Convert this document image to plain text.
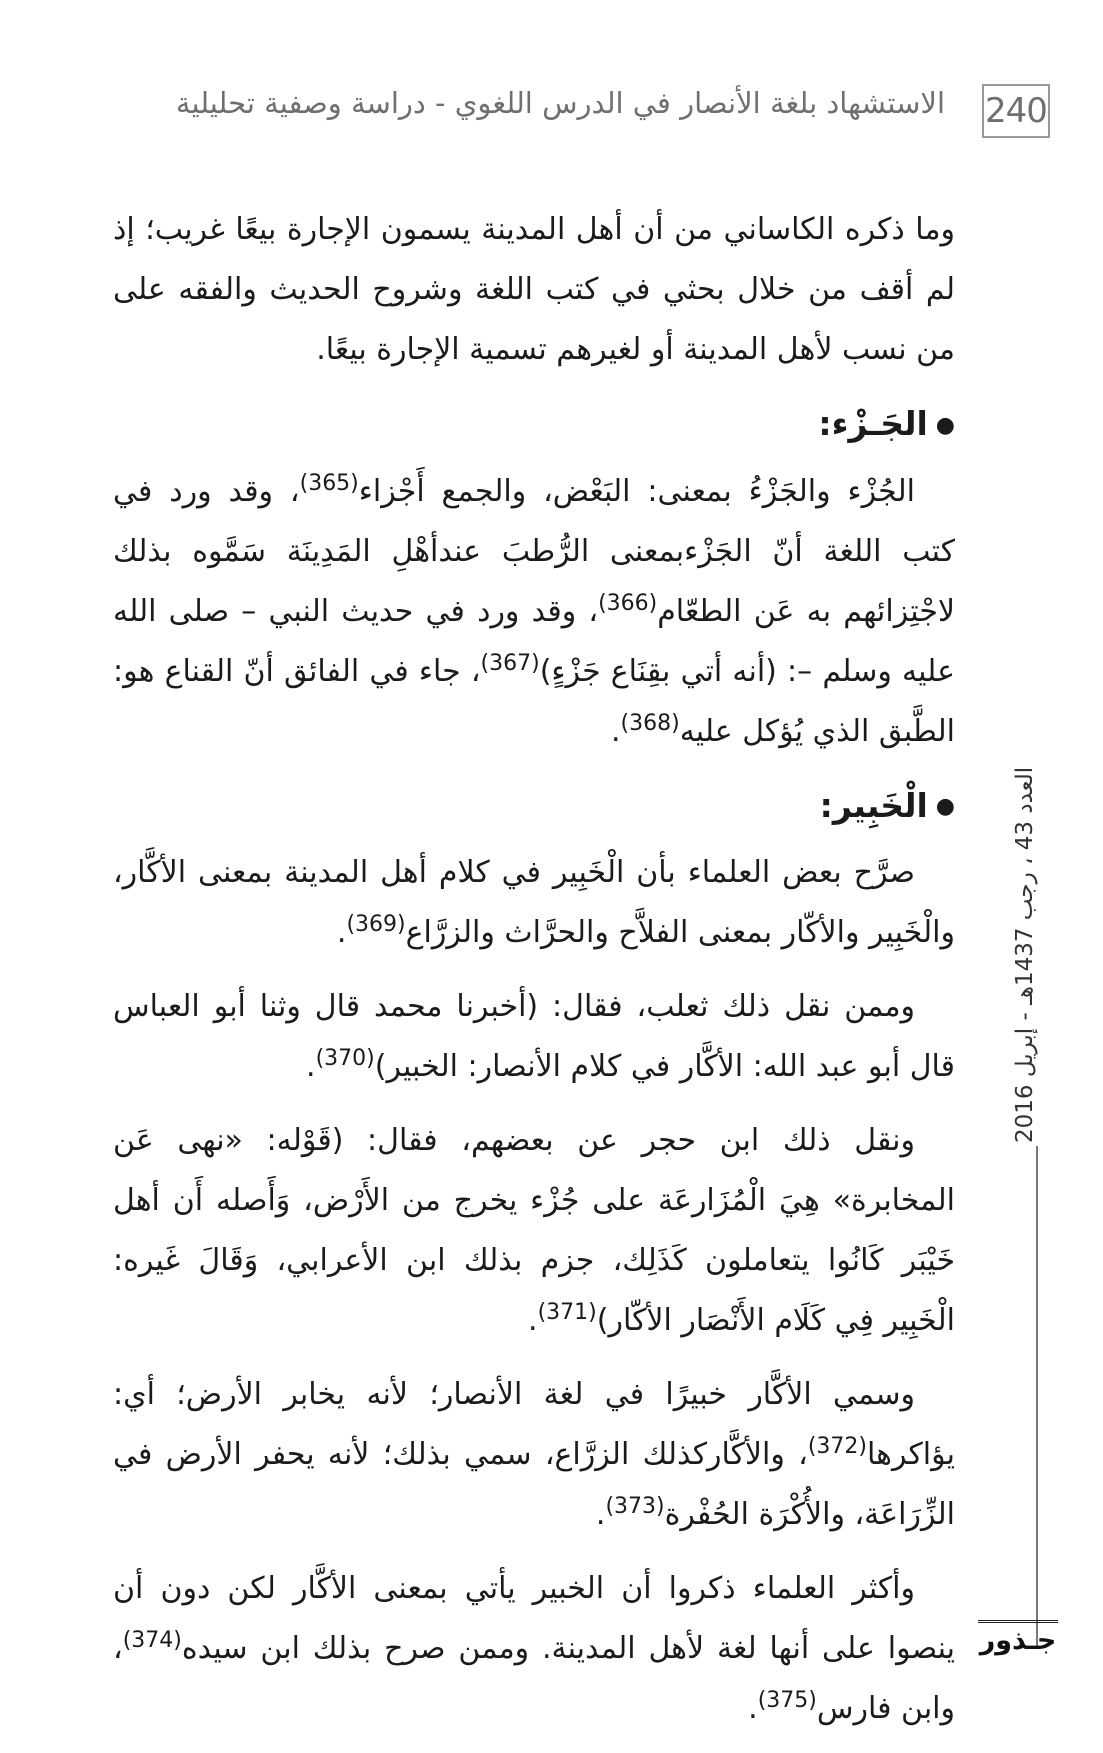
240
الاستشهاد بلغة الأنصار في الدرس اللغوي - دراسة وصفية تحليلية

وما ذكره الكاساني من أن أهل المدينة يسمون الإجارة بيعًا غريب؛ إذ لم أقف من خلال بحثي في كتب اللغة وشروح الحديث والفقه على من نسب لأهل المدينة أو لغيرهم تسمية الإجارة بيعًا.

●الجَـزْء:

الجُزْء والجَزْءُ بمعنى: البَعْض، والجمع أَجْزاء$^{(365)}$، وقد ورد في كتب اللغة أنّ الجَزْءبمعنى الرُّطبَ عندأهْلِ المَدِينَة سَمَّوه بذلك لاجْتِزائهم به عَن الطعّام$^{(366)}$، وقد ورد في حديث النبي – صلى الله عليه وسلم –: (أنه أتي بقِنَاع جَزْءٍ)$^{(367)}$، جاء في الفائق أنّ القناع هو: الطَّبق الذي يُؤكل عليه$^{(368)}$.

●الْخَبِير:

صرَّح بعض العلماء بأن الْخَبِير في كلام أهل المدينة بمعنى الأكَّار، والْخَبِير والأكّار بمعنى الفلاَّح والحرَّاث والزرَّاع$^{(369)}$.

وممن نقل ذلك ثعلب، فقال: (أخبرنا محمد قال وثنا أبو العباس قال أبو عبد الله: الأكَّار في كلام الأنصار: الخبير)$^{(370)}$.

ونقل ذلك ابن حجر عن بعضهم، فقال: (قَوْله: «نهى عَن المخابرة» هِيَ الْمُزَارعَة على جُزْء يخرج من الأَرْض، وَأَصله أَن أهل خَيْبَر كَانُوا يتعاملون كَذَلِك، جزم بذلك ابن الأعرابي، وَقَالَ غَيره: الْخَبِير فِي كَلَام الأَنْصَار الأكّار)$^{(371)}$.

وسمي الأكَّار خبيرًا في لغة الأنصار؛ لأنه يخابر الأرض؛ أي: يؤاكرها$^{(372)}$، والأكَّاركذلك الزرَّاع، سمي بذلك؛ لأنه يحفر الأرض في الزِّرَاعَة، والأُكْرَة الحُفْرة$^{(373)}$.

وأكثر العلماء ذكروا أن الخبير يأتي بمعنى الأكَّار لكن دون أن ينصوا على أنها لغة لأهل المدينة. وممن صرح بذلك ابن سيده$^{(374)}$، وابن فارس$^{(375)}$.

العدد 43 ، رجب 1437هـ - إبريل 2016
جـذور
